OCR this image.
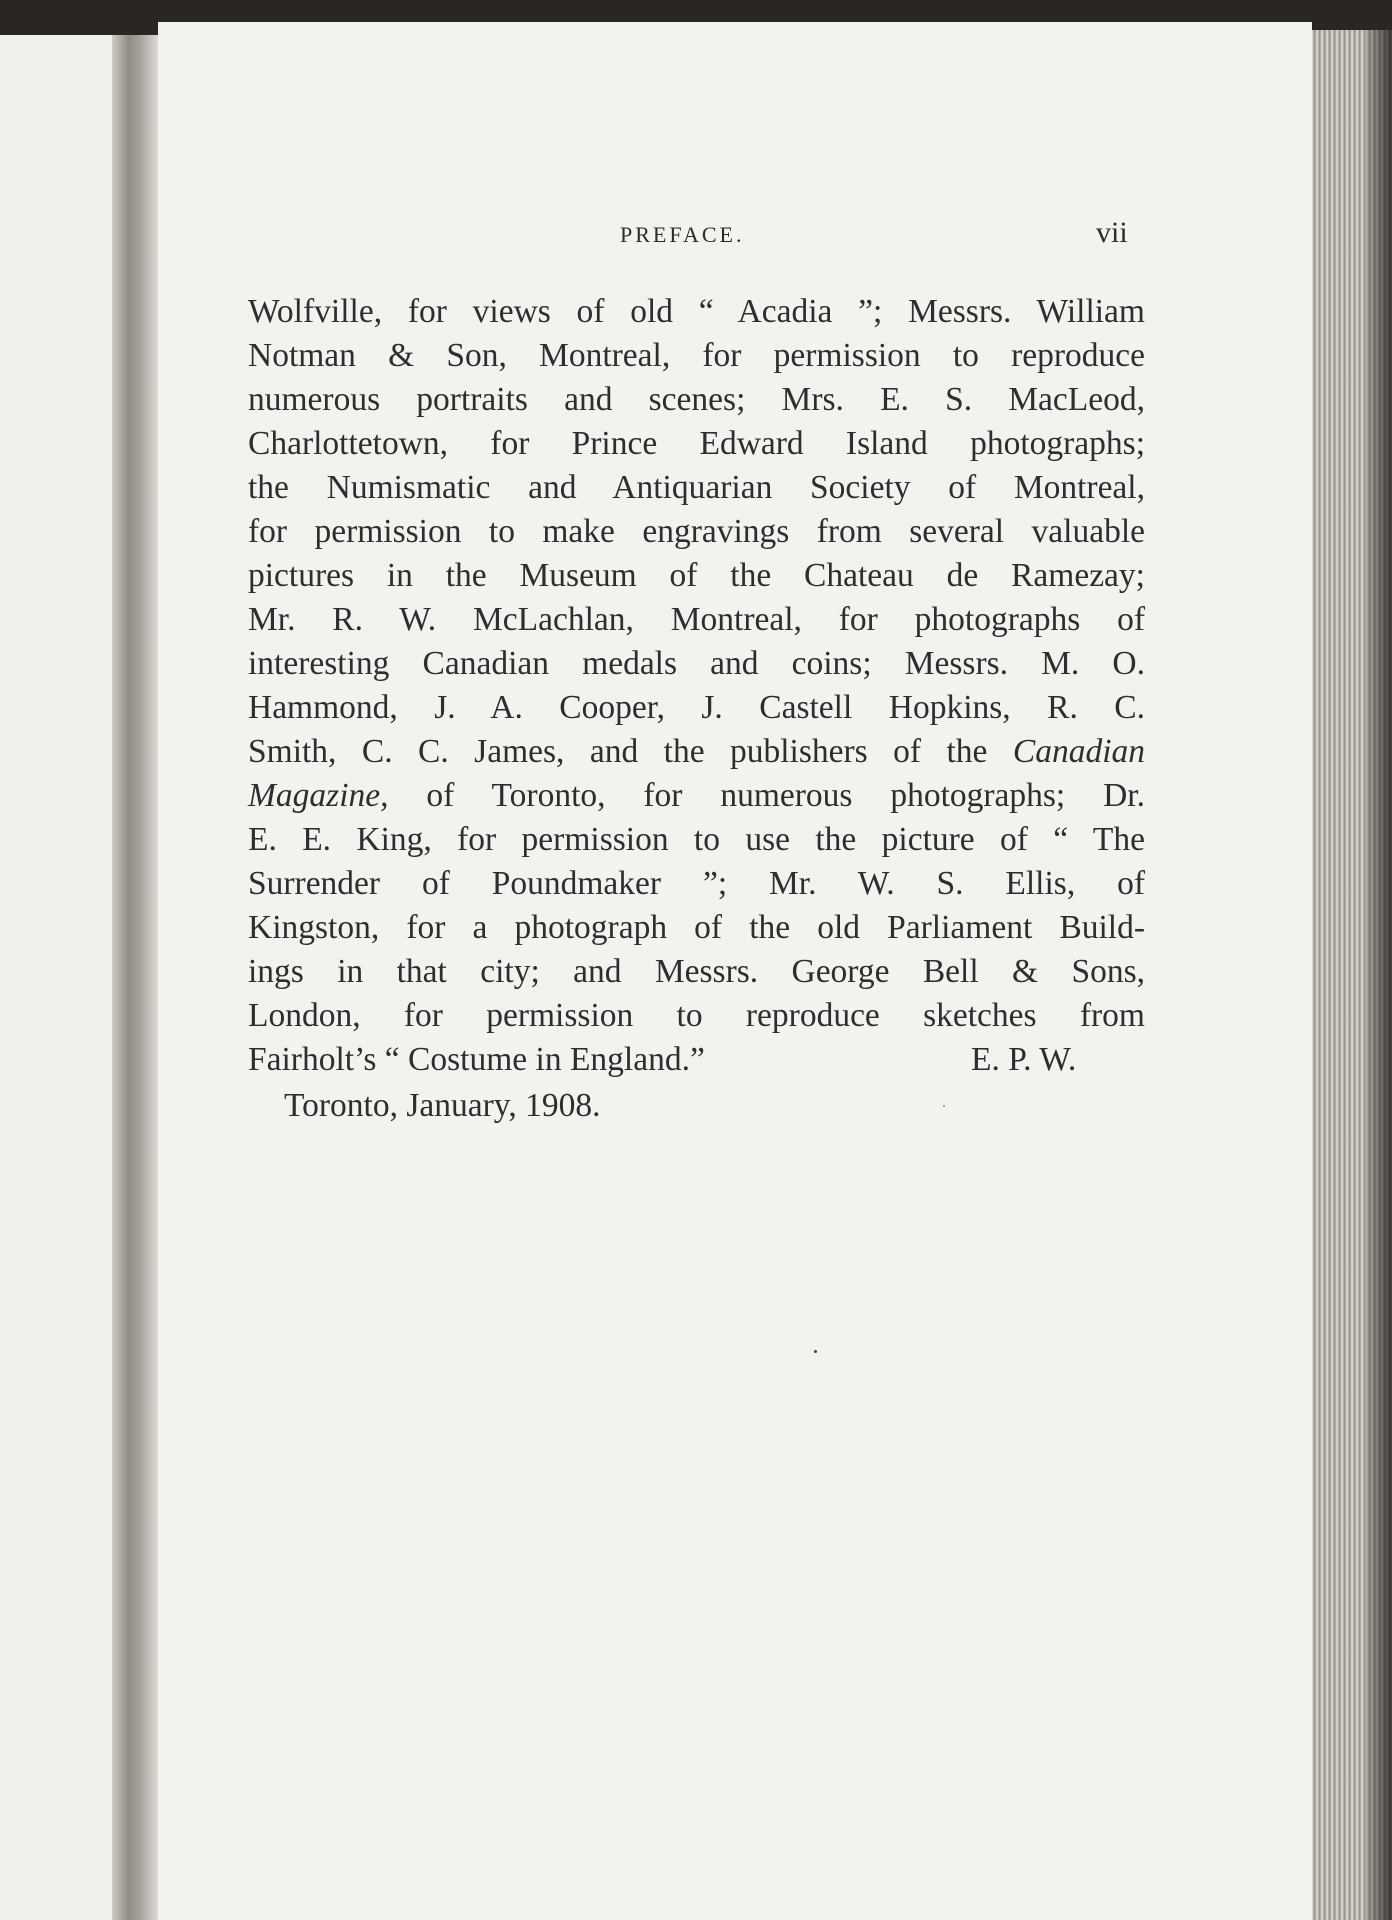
PREFACE.	vii
Wolfville, for views of old “ Acadia ”; Messrs. William
Notman & Son, Montreal, for permission to reproduce
numerous portraits and scenes; Mrs. E. S. MacLeod,
Charlottetown, for Prince Edward Island photographs;
the Numismatic and Antiquarian Society of Montreal,
for permission to make engravings from several valuable
pictures in the Museum of the Chateau de Ramezay;
Mr. R. W. McLachlan, Montreal, for photographs of
interesting Canadian medals and coins; Messrs. M. O.
Hammond, J. A. Cooper, J. Castell Hopkins, R. C.
Smith, C. C. James, and the publishers of the Canadian
Magazine, of Toronto, for numerous photographs; Dr.
E. E. King, for permission to use the picture of “ The
Surrender of Poundmaker ”; Mr. W. S. Ellis, of
Kingston, for a photograph of the old Parliament Build-
ings in that city; and Messrs. George Bell & Sons,
London, for permission to reproduce sketches from
Fairholt’s “ Costume in England.”	E. P. W.
Toronto, January, 1908.
